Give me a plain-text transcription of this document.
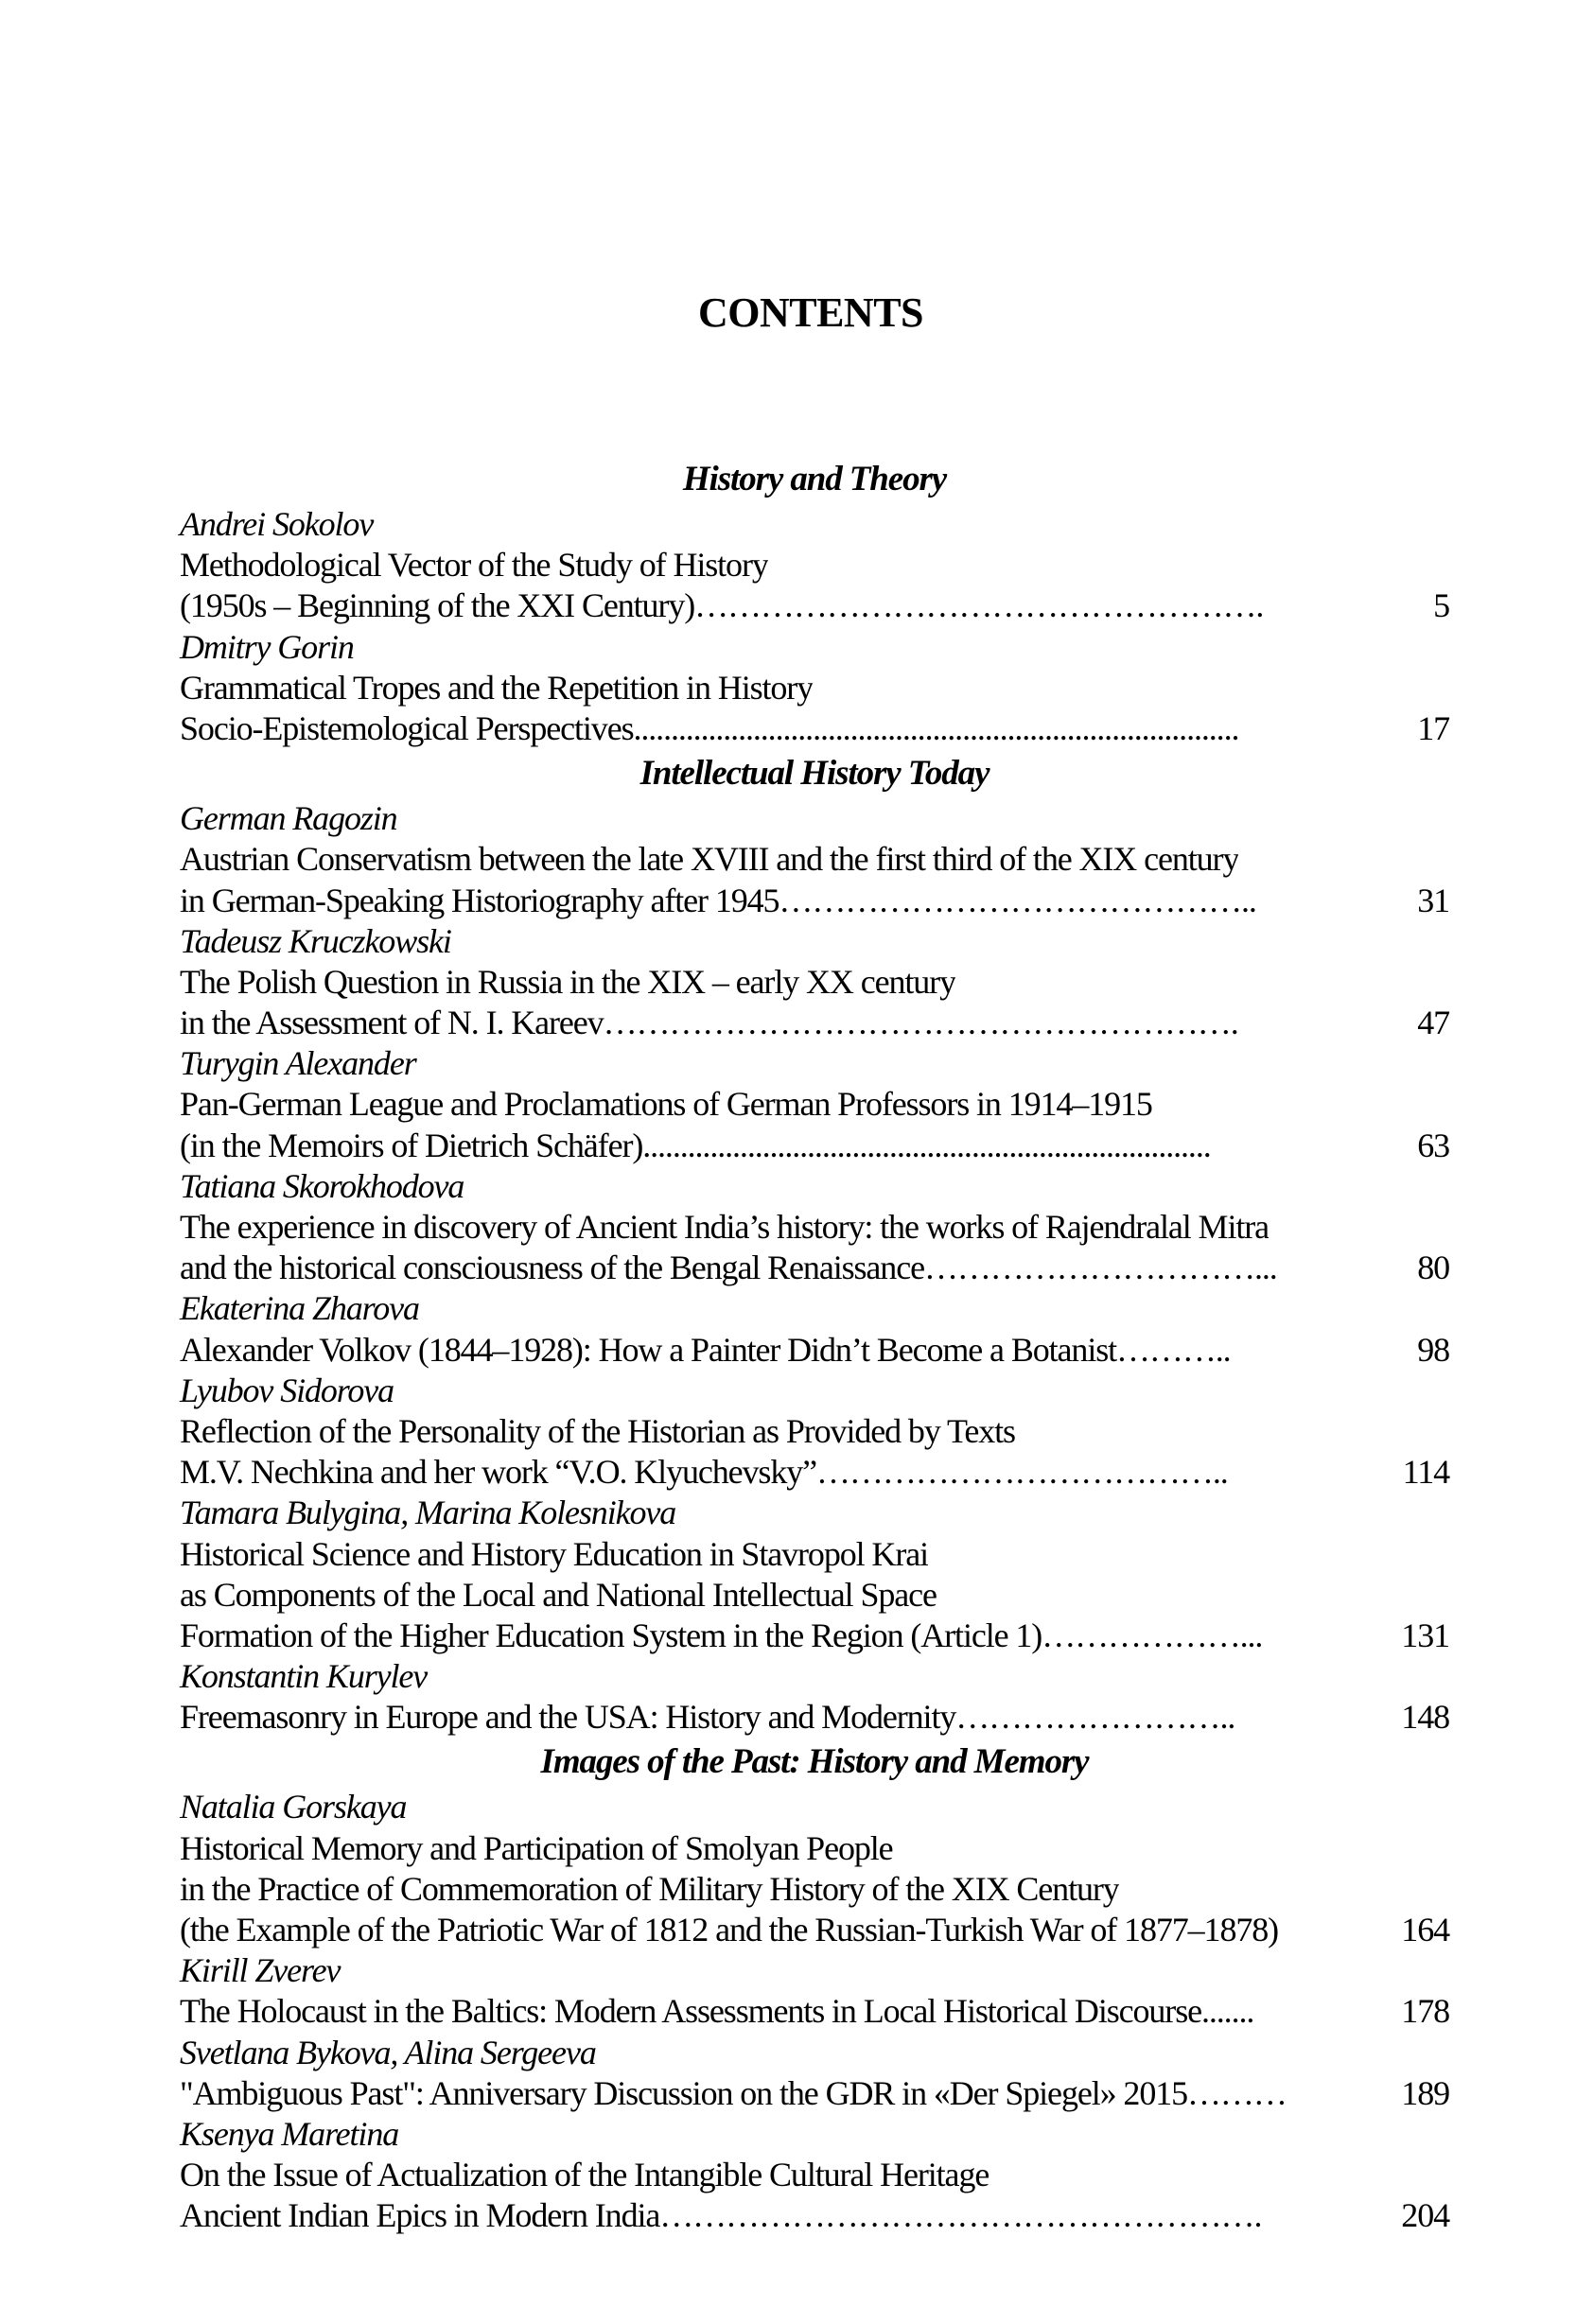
CONTENTS
History and Theory
Andrei Sokolov
Methodological Vector of the Study of History
(1950s – Beginning of the XXI Century)…………………………………………….	5
Dmitry Gorin
Grammatical Tropes and the Repetition in History
Socio-Epistemological Perspectives.................................................................................	17
Intellectual History Today
German Ragozin
Austrian Conservatism between the late XVIII and the first third of the XIX century
in German-Speaking Historiography after 1945……………………………………..	31
Tadeusz Kruczkowski
The Polish Question in Russia in the XIX – early XX century
in the Assessment of N. I. Kareev………………………………………………….	47
Turygin Alexander
Pan-German League and Proclamations of German Professors in 1914–1915
(in the Memoirs of Dietrich Schäfer)............................................................................	63
Tatiana Skorokhodova
The experience in discovery of Ancient India’s history: the works of Rajendralal Mitra
and the historical consciousness of the Bengal Renaissance…………………………...	80
Ekaterina Zharova
Alexander Volkov (1844–1928): How a Painter Didn’t Become a Botanist………..	98
Lyubov Sidorova
Reflection of the Personality of the Historian as Provided by Texts
M.V. Nechkina and her work “V.O. Klyuchevsky”………………………………..	114
Tamara Bulygina, Marina Kolesnikova
Historical Science and History Education in Stavropol Krai
as Components of the Local and National Intellectual Space
Formation of the Higher Education System in the Region (Article 1)………………...	131
Konstantin Kurylev
Freemasonry in Europe and the USA: History and Modernity……………………..	148
Images of the Past: History and Memory
Natalia Gorskaya
Historical Memory and Participation of Smolyan People
in the Practice of Commemoration of Military History of the XIX Century
(the Example of the Patriotic War of 1812 and the Russian-Turkish War of 1877–1878)	164
Kirill Zverev
The Holocaust in the Baltics: Modern Assessments in Local Historical Discourse.......	178
Svetlana Bykova, Alina Sergeeva
"Ambiguous Past": Anniversary Discussion on the GDR in «Der Spiegel» 2015………	189
Ksenya Maretina
On the Issue of Actualization of the Intangible Cultural Heritage
Ancient Indian Epics in Modern India……………………………………………….	204
